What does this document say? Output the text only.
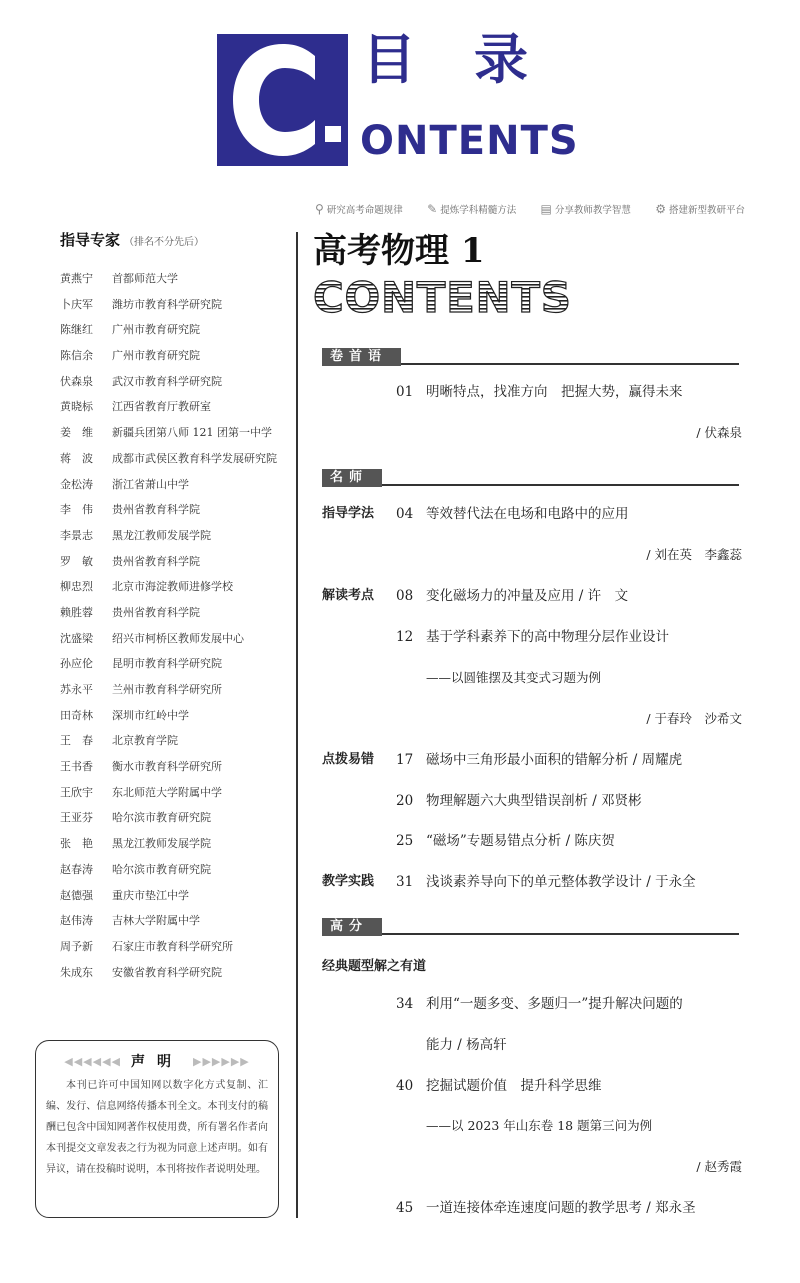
目录
ONTENTS
⚲ 研究高考命题规律 ✎ 提炼学科精髓方法 ▤ 分享教师教学智慧 ⚙ 搭建新型教研平台
指导专家 （排名不分先后）
黄燕宁	首都师范大学
卜庆军	潍坊市教育科学研究院
陈继红	广州市教育研究院
陈信余	广州市教育研究院
伏森泉	武汉市教育科学研究院
黄晓标	江西省教育厅教研室
姜　维	新疆兵团第八师 121 团第一中学
蒋　波	成都市武侯区教育科学发展研究院
金松涛	浙江省萧山中学
李　伟	贵州省教育科学院
李景志	黑龙江教师发展学院
罗　敏	贵州省教育科学院
柳忠烈	北京市海淀教师进修学校
赖胜蓉	贵州省教育科学院
沈盛梁	绍兴市柯桥区教师发展中心
孙应伦	昆明市教育科学研究院
苏永平	兰州市教育科学研究所
田奇林	深圳市红岭中学
王　春	北京教育学院
王书香	衡水市教育科学研究所
王欣宇	东北师范大学附属中学
王亚芬	哈尔滨市教育研究院
张　艳	黑龙江教师发展学院
赵春涛	哈尔滨市教育研究院
赵德强	重庆市垫江中学
赵伟涛	吉林大学附属中学
周予新	石家庄市教育科学研究所
朱成东	安徽省教育科学研究院
◀◀◀◀◀◀ 声明 ▶▶▶▶▶▶
本刊已许可中国知网以数字化方式复制、汇编、发行、信息网络传播本刊全文。本刊支付的稿酬已包含中国知网著作权使用费，所有署名作者向本刊提交文章发表之行为视为同意上述声明。如有异议，请在投稿时说明，本刊将按作者说明处理。
高考物理 1
CONTENTS
卷首语
01 明晰特点，找准方向　把握大势，赢得未来
/ 伏森泉
名师
指导学法 04 等效替代法在电场和电路中的应用
/ 刘在英　李鑫蕊
解读考点 08 变化磁场力的冲量及应用 / 许　文
12 基于学科素养下的高中物理分层作业设计
——以圆锥摆及其变式习题为例
/ 于春玲　沙希文
点拨易错 17 磁场中三角形最小面积的错解分析 / 周耀虎
20 物理解题六大典型错误剖析 / 邓贤彬
25 “磁场”专题易错点分析 / 陈庆贺
教学实践 31 浅谈素养导向下的单元整体教学设计 / 于永全
高分
经典题型解之有道
34 利用“一题多变、多题归一”提升解决问题的
能力 / 杨高轩
40 挖掘试题价值　提升科学思维
——以 2023 年山东卷 18 题第三问为例
/ 赵秀霞
45 一道连接体牵连速度问题的教学思考 / 郑永圣
